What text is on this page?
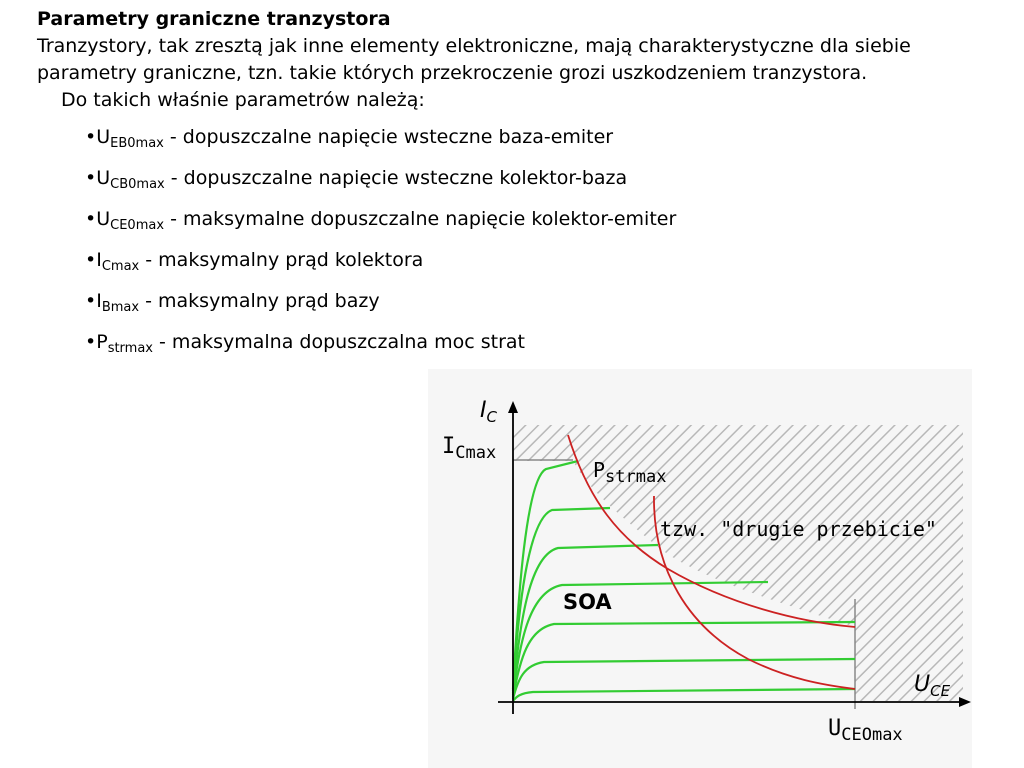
Parametry graniczne tranzystora
Tranzystory, tak zresztą jak inne elementy elektroniczne, mają charakterystyczne dla siebie parametry graniczne, tzn. takie których przekroczenie grozi uszkodzeniem tranzystora.
Do takich właśnie parametrów należą:
$•U_{EB0max}$ - dopuszczalne napięcie wsteczne baza-emiter
$•U_{CB0max}$ - dopuszczalne napięcie wsteczne kolektor-baza
$•U_{CE0max}$ - maksymalne dopuszczalne napięcie kolektor-emiter
$•I_{Cmax}$ - maksymalny prąd kolektora
$•I_{Bmax}$ - maksymalny prąd bazy
$•P_{strmax}$ - maksymalna dopuszczalna moc strat
$I_C$
$U_{CE}$
$I_{Cmax}$
$U_{CEOmax}$
$P_{strmax}$
tzw. "drugie przebicie"
SOA
